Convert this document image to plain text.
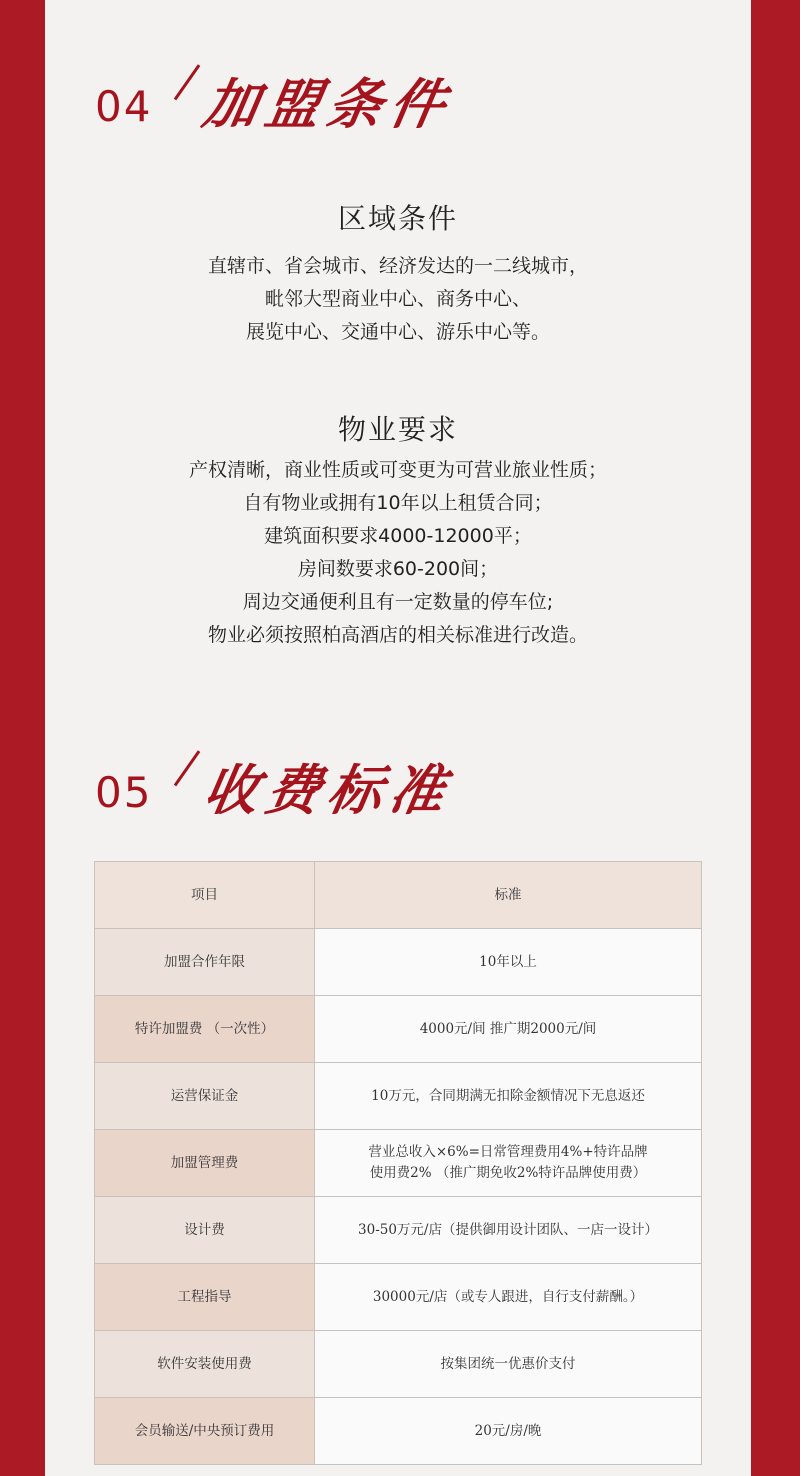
04 加盟条件
区域条件
直辖市、省会城市、经济发达的一二线城市，
毗邻大型商业中心、商务中心、
展览中心、交通中心、游乐中心等。
物业要求
产权清晰，商业性质或可变更为可营业旅业性质；
自有物业或拥有10年以上租赁合同；
建筑面积要求4000-12000平；
房间数要求60-200间；
周边交通便利且有一定数量的停车位;
物业必须按照柏高酒店的相关标准进行改造。
05 收费标准
项目	标准
加盟合作年限	10年以上

特许加盟费 （一次性）	4000元/间 推广期2000元/间

运营保证金	10万元，合同期满无扣除金额情况下无息返还

加盟管理费	营业总收入×6%=日常管理费用4%+特许品牌
使用费2% （推广期免收2%特许品牌使用费）

设计费	30-50万元/店（提供御用设计团队、一店一设计）

工程指导	30000元/店（或专人跟进，自行支付薪酬。）

软件安装使用费	按集团统一优惠价支付

会员输送/中央预订费用	20元/房/晚
